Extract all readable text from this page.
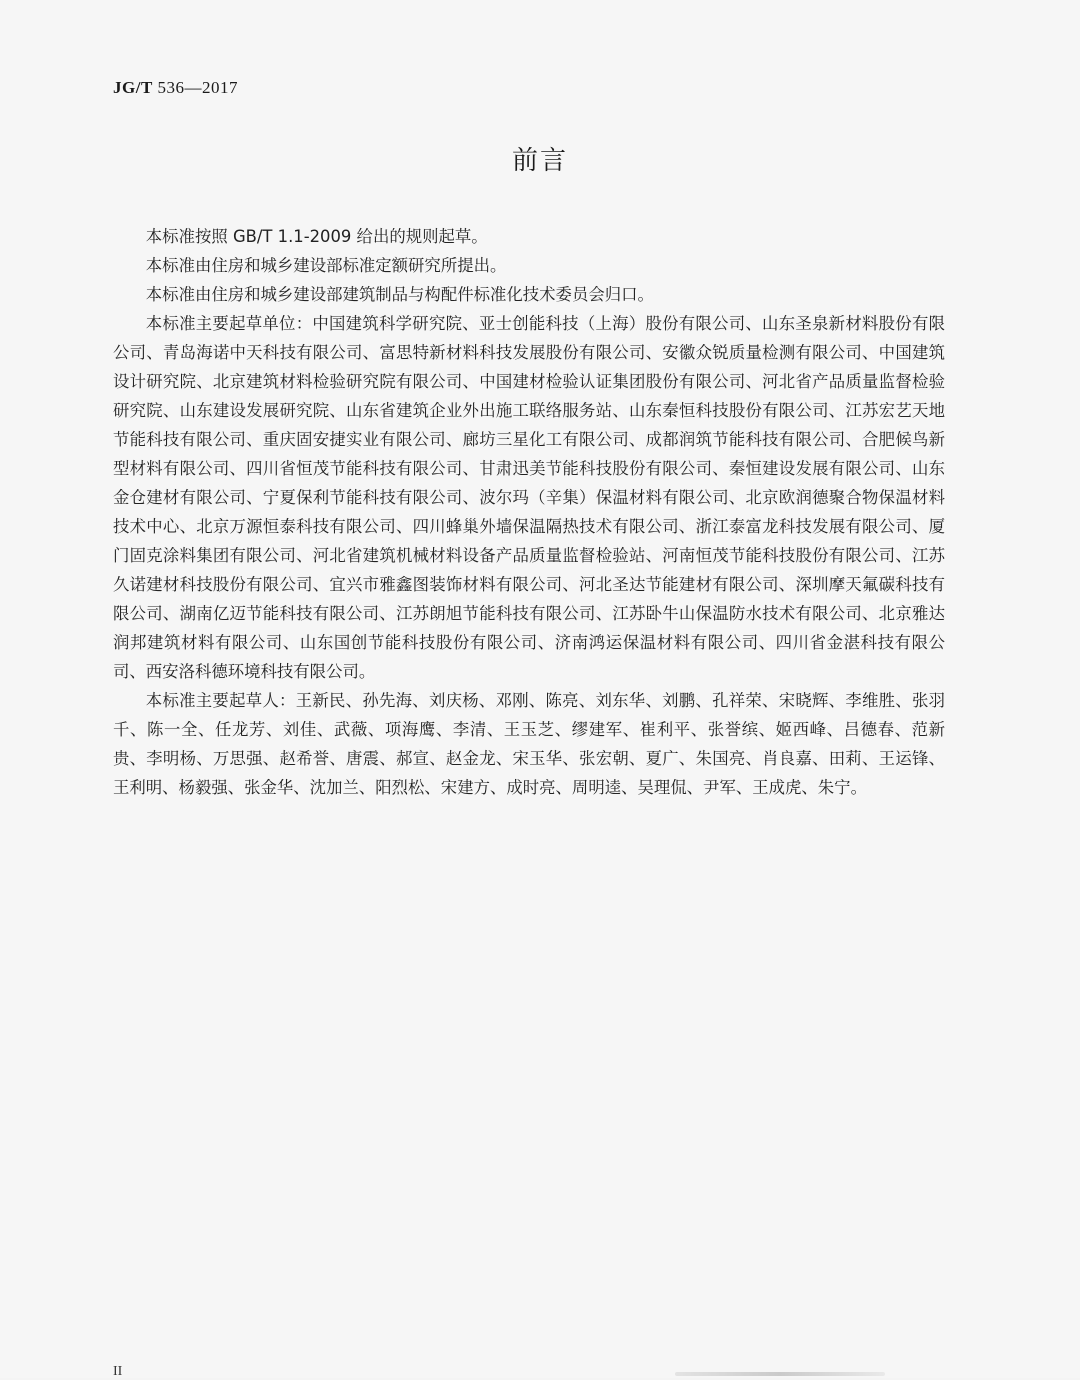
JG/T 536—2017
前言

本标准按照 GB/T 1.1-2009 给出的规则起草。

本标准由住房和城乡建设部标准定额研究所提出。

本标准由住房和城乡建设部建筑制品与构配件标准化技术委员会归口。

本标准主要起草单位：中国建筑科学研究院、亚士创能科技（上海）股份有限公司、山东圣泉新材料股份有限公司、青岛海诺中天科技有限公司、富思特新材料科技发展股份有限公司、安徽众锐质量检测有限公司、中国建筑设计研究院、北京建筑材料检验研究院有限公司、中国建材检验认证集团股份有限公司、河北省产品质量监督检验研究院、山东建设发展研究院、山东省建筑企业外出施工联络服务站、山东秦恒科技股份有限公司、江苏宏艺天地节能科技有限公司、重庆固安捷实业有限公司、廊坊三星化工有限公司、成都润筑节能科技有限公司、合肥候鸟新型材料有限公司、四川省恒茂节能科技有限公司、甘肃迅美节能科技股份有限公司、秦恒建设发展有限公司、山东金仓建材有限公司、宁夏保利节能科技有限公司、波尔玛（辛集）保温材料有限公司、北京欧润德聚合物保温材料技术中心、北京万源恒泰科技有限公司、四川蜂巢外墙保温隔热技术有限公司、浙江泰富龙科技发展有限公司、厦门固克涂料集团有限公司、河北省建筑机械材料设备产品质量监督检验站、河南恒茂节能科技股份有限公司、江苏久诺建材科技股份有限公司、宜兴市雅鑫图装饰材料有限公司、河北圣达节能建材有限公司、深圳摩天氟碳科技有限公司、湖南亿迈节能科技有限公司、江苏朗旭节能科技有限公司、江苏卧牛山保温防水技术有限公司、北京雅达润邦建筑材料有限公司、山东国创节能科技股份有限公司、济南鸿运保温材料有限公司、四川省金湛科技有限公司、西安洛科德环境科技有限公司。

本标准主要起草人：王新民、孙先海、刘庆杨、邓刚、陈亮、刘东华、刘鹏、孔祥荣、宋晓辉、李维胜、张羽千、陈一全、任龙芳、刘佳、武薇、项海鹰、李清、王玉芝、缪建军、崔利平、张誉缤、姬西峰、吕德春、范新贵、李明杨、万思强、赵希誉、唐震、郝宣、赵金龙、宋玉华、张宏朝、夏广、朱国亮、肖良嘉、田莉、王运锋、王利明、杨毅强、张金华、沈加兰、阳烈松、宋建方、成时亮、周明逵、吴理侃、尹军、王成虎、朱宁。

II
